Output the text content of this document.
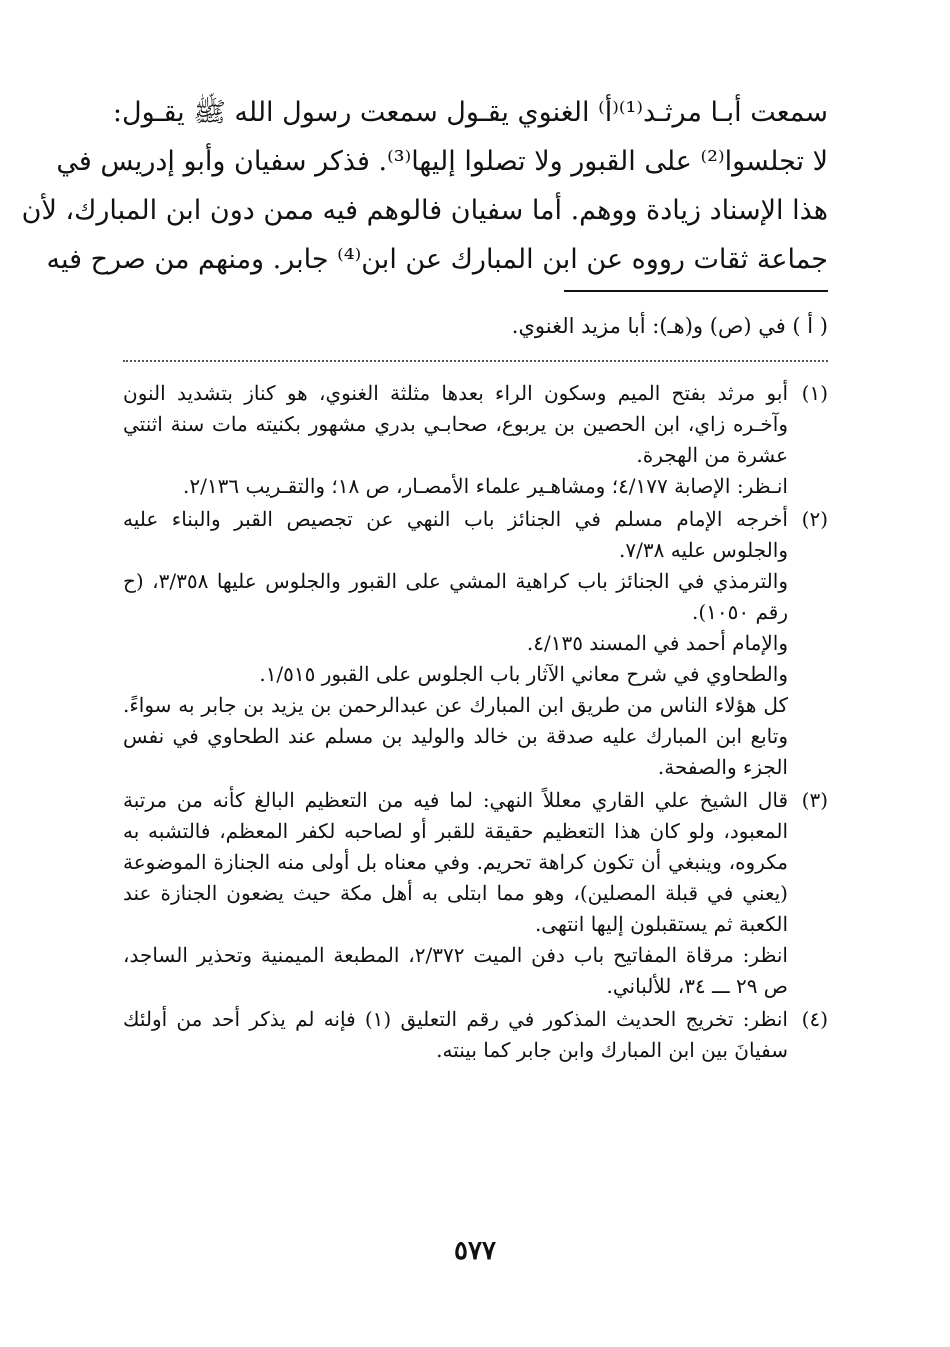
سمعت أبـا مرثـد⁽¹⁾⁽أ⁾ الغنوي يقـول سمعت رسول الله ﷺ يقـول:
لا تجلسوا⁽²⁾ على القبور ولا تصلوا إليها⁽³⁾. فذكر سفيان وأبو إدريس في
هذا الإسناد زيادة ووهم. أما سفيان فالوهم فيه ممن دون ابن المبارك، لأن
جماعة ثقات رووه عن ابن المبارك عن ابن⁽⁴⁾ جابر. ومنهم من صرح فيه

( أ ) في (ص) و(هـ): أبا مزيد الغنوي.

(١)

أبو مرثد بفتح الميم وسكون الراء بعدها مثلثة الغنوي، هو كناز بتشديد النون وآخـره زاي، ابن الحصين بن يربوع، صحابـي بدري مشهور بكنيته مات سنة اثنتي عشرة من الهجرة.

انـظر: الإصابة ٤/١٧٧؛ ومشاهـير علماء الأمصـار، ص ١٨؛ والتقـريب ٢/١٣٦.

(٢)

أخرجه الإمام مسلم في الجنائز باب النهي عن تجصيص القبر والبناء عليه والجلوس عليه ٧/٣٨.

والترمذي في الجنائز باب كراهية المشي على القبور والجلوس عليها ٣/٣٥٨، (ح رقم ١٠٥٠).

والإمام أحمد في المسند ٤/١٣٥.

والطحاوي في شرح معاني الآثار باب الجلوس على القبور ١/٥١٥.

كل هؤلاء الناس من طريق ابن المبارك عن عبدالرحمن بن يزيد بن جابر به سواءً. وتابع ابن المبارك عليه صدقة بن خالد والوليد بن مسلم عند الطحاوي في نفس الجزء والصفحة.

(٣)

قال الشيخ علي القاري معللاً النهي: لما فيه من التعظيم البالغ كأنه من مرتبة المعبود، ولو كان هذا التعظيم حقيقة للقبر أو لصاحبه لكفر المعظم، فالتشبه به مكروه، وينبغي أن تكون كراهة تحريم. وفي معناه بل أولى منه الجنازة الموضوعة (يعني في قبلة المصلين)، وهو مما ابتلى به أهل مكة حيث يضعون الجنازة عند الكعبة ثم يستقبلون إليها انتهى.

انظر: مرقاة المفاتيح باب دفن الميت ٢/٣٧٢، المطبعة الميمنية وتحذير الساجد، ص ٢٩ ـــ ٣٤، للألباني.

(٤)

انظر: تخريج الحديث المذكور في رقم التعليق (١) فإنه لم يذكر أحد من أولئك سفيانَ بين ابن المبارك وابن جابر كما بينته.

٥٧٧
